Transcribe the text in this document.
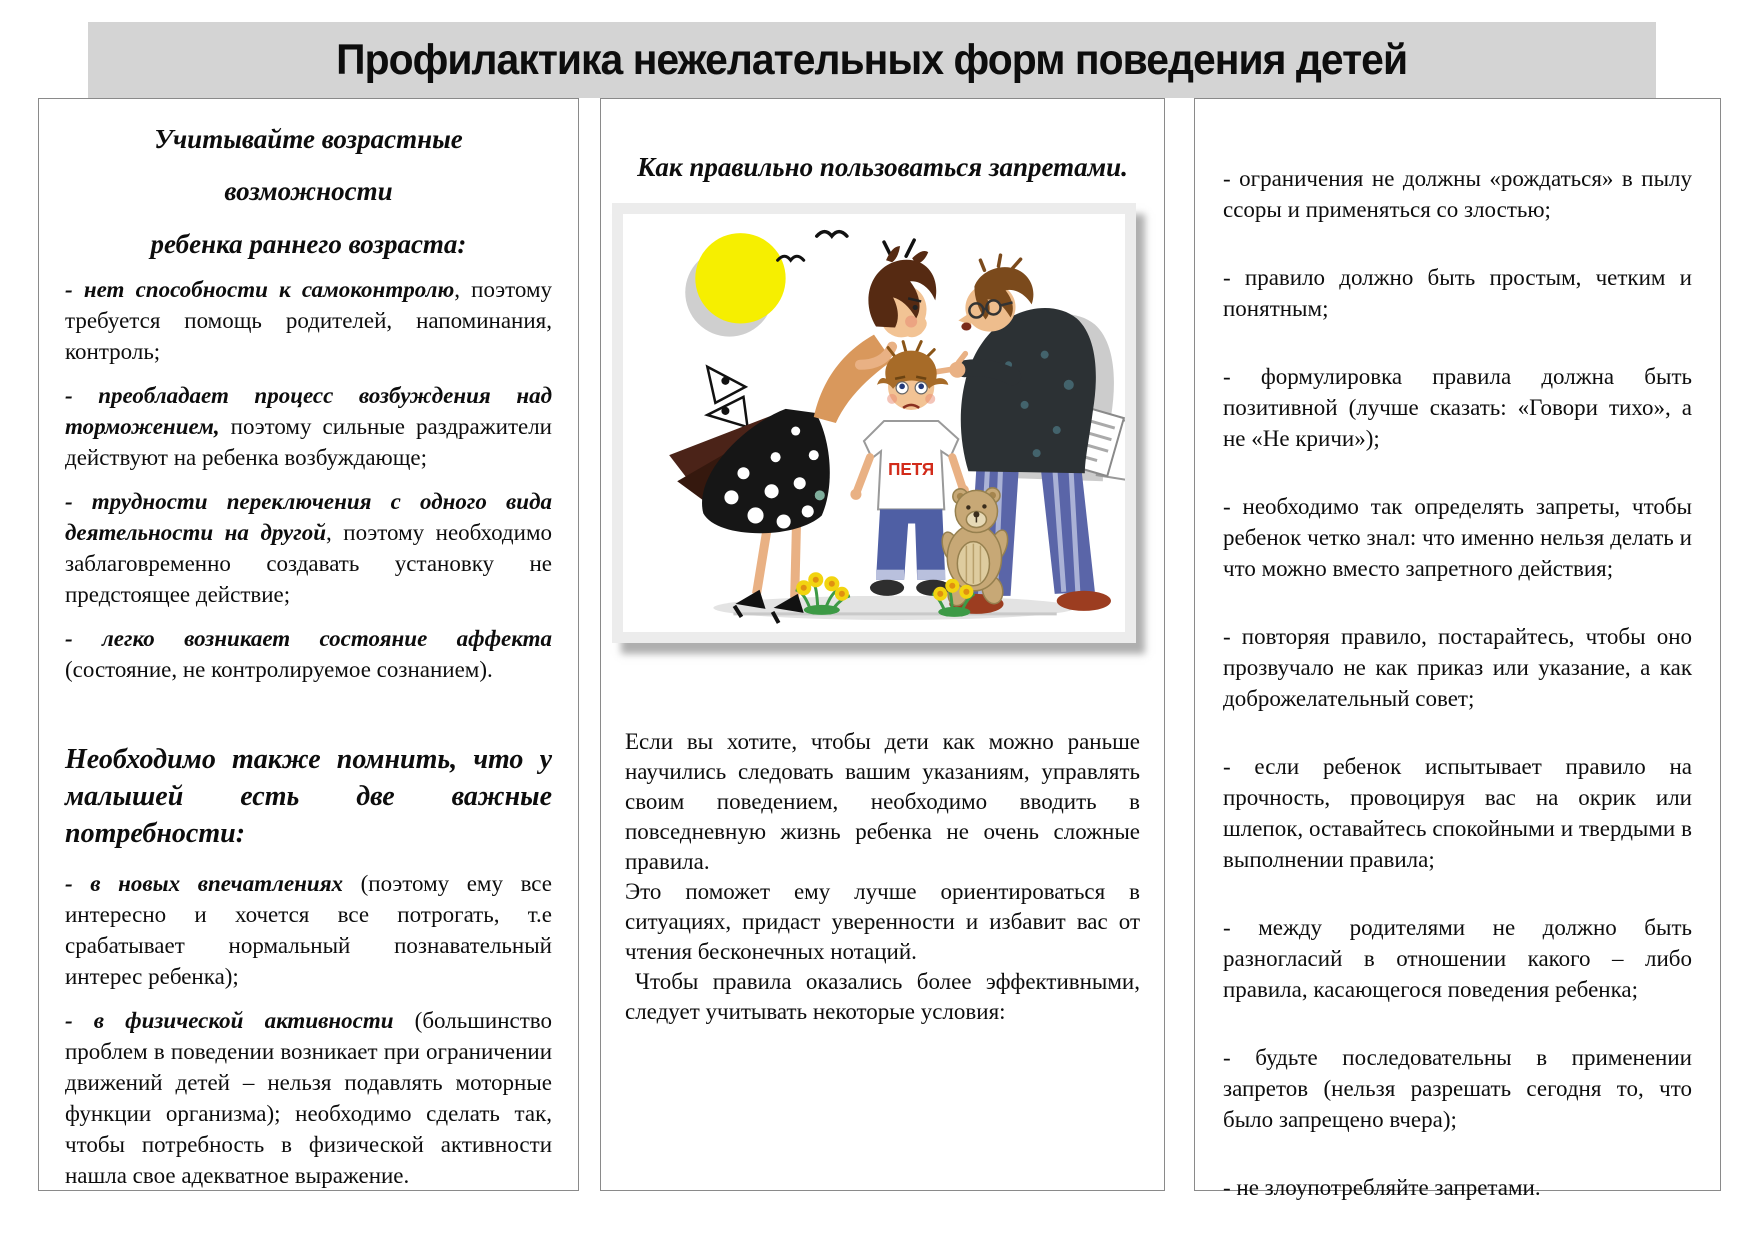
Профилактика нежелательных форм поведения детей
Учитывайте возрастные
возможности
ребенка раннего возраста:

- нет способности к самоконтролю, поэтому требуется помощь родителей, напоминания, контроль;

- преобладает процесс возбуждения над торможением, поэтому сильные раздражители действуют на ребенка возбуждающе;

- трудности переключения с одного вида деятельности на другой, поэтому необходимо заблаговременно создавать установку не предстоящее действие;

- легко возникает состояние аффекта (состояние, не контролируемое сознанием).

Необходимо также помнить, что у малышей есть две важные потребности:

- в новых впечатлениях (поэтому ему все интересно и хочется все потрогать, т.е срабатывает нормальный познавательный интерес ребенка);

- в физической активности (большинство проблем в поведении возникает при ограничении движений детей – нельзя подавлять моторные функции организма); необходимо сделать так, чтобы потребность в физической активности нашла свое адекватное выражение.

Как правильно пользоваться запретами.
ПЕТЯ

Если вы хотите, чтобы дети как можно раньше научились следовать вашим указаниям, управлять своим поведением, необходимо вводить в повседневную жизнь ребенка не очень сложные правила.

Это поможет ему лучше ориентироваться в ситуациях, придаст уверенности и избавит вас от чтения бесконечных нотаций.

Чтобы правила оказались более эффективными, следует учитывать некоторые условия:

- ограничения не должны «рождаться» в пылу ссоры и применяться со злостью;

- правило должно быть простым, четким и понятным;

- формулировка правила должна быть позитивной (лучше сказать: «Говори тихо», а не «Не кричи»);

- необходимо так определять запреты, чтобы ребенок четко знал: что именно нельзя делать и что можно вместо запретного действия;

- повторяя правило, постарайтесь, чтобы оно прозвучало не как приказ или указание, а как доброжелательный совет;

- если ребенок испытывает правило на прочность, провоцируя вас на окрик или шлепок, оставайтесь спокойными и твердыми в выполнении правила;

- между родителями не должно быть разногласий в отношении какого – либо правила, касающегося поведения ребенка;

- будьте последовательны в применении запретов (нельзя разрешать сегодня то, что было запрещено вчера);

- не злоупотребляйте запретами.
